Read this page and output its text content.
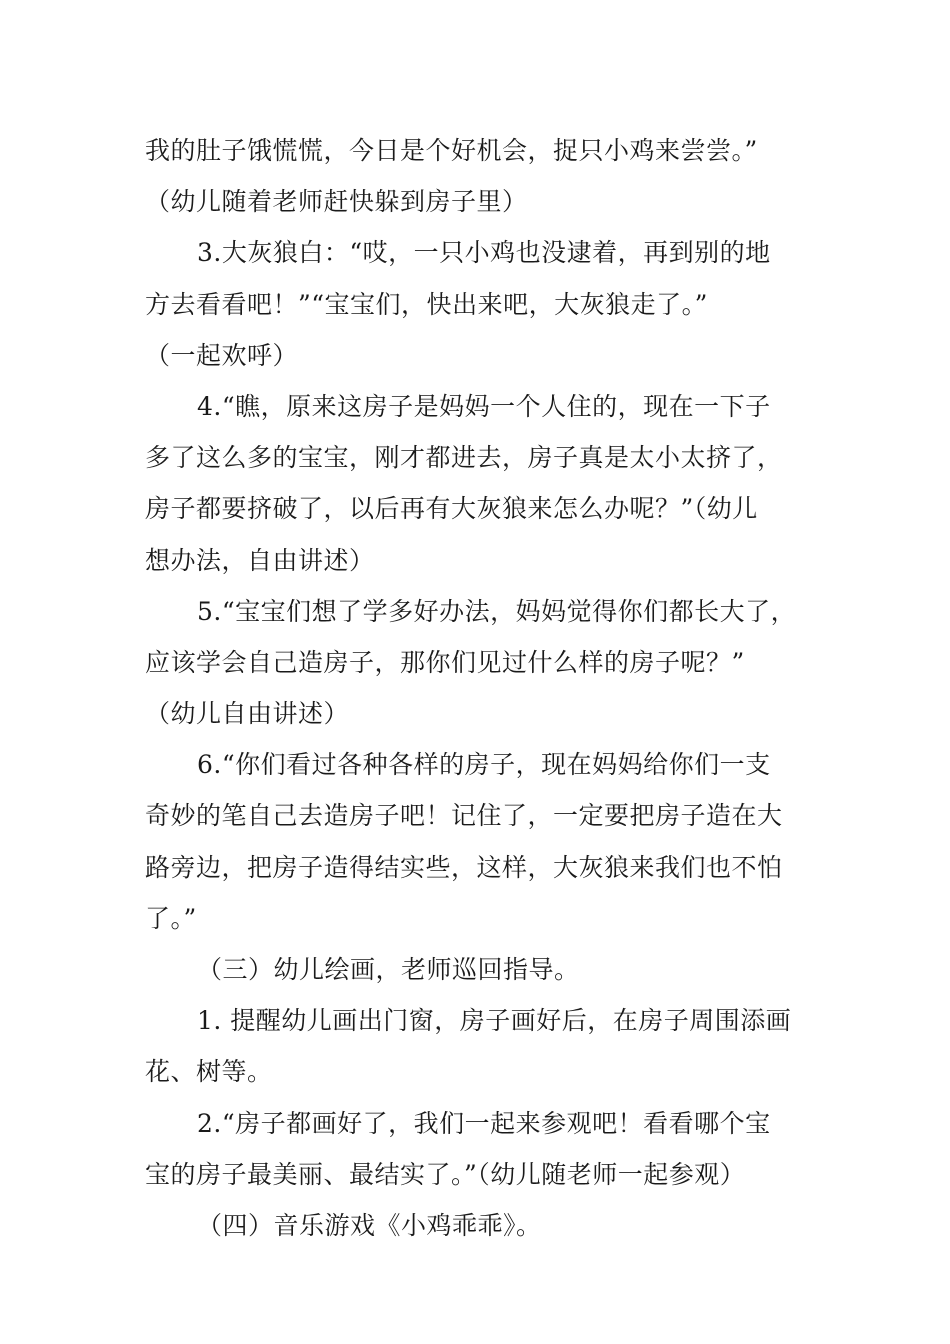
我的肚子饿慌慌，今日是个好机会，捉只小鸡来尝尝。”
（幼儿随着老师赶快躲到房子里）
3.大灰狼白：“哎，一只小鸡也没逮着，再到别的地
方去看看吧！”“宝宝们，快出来吧，大灰狼走了。”
（一起欢呼）
4.“瞧，原来这房子是妈妈一个人住的，现在一下子
多了这么多的宝宝，刚才都进去，房子真是太小太挤了，
房子都要挤破了，以后再有大灰狼来怎么办呢？”（幼儿
想办法，自由讲述）
5.“宝宝们想了学多好办法，妈妈觉得你们都长大了，
应该学会自己造房子，那你们见过什么样的房子呢？”
（幼儿自由讲述）
6.“你们看过各种各样的房子，现在妈妈给你们一支
奇妙的笔自己去造房子吧！记住了，一定要把房子造在大
路旁边，把房子造得结实些，这样，大灰狼来我们也不怕
了。”
（三）幼儿绘画，老师巡回指导。
1. 提醒幼儿画出门窗，房子画好后，在房子周围添画
花、树等。
2.“房子都画好了，我们一起来参观吧！看看哪个宝
宝的房子最美丽、最结实了。”（幼儿随老师一起参观）
（四）音乐游戏《小鸡乖乖》。
